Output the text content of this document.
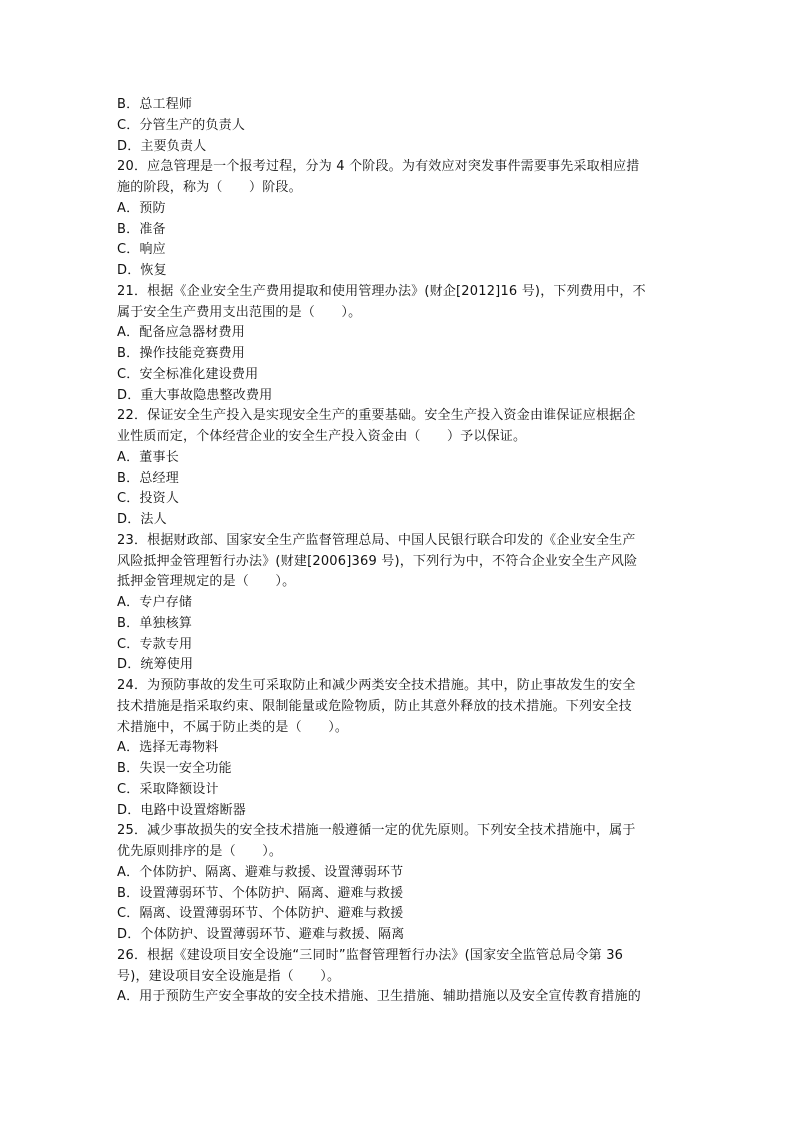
B．总工程师
C．分管生产的负责人
D．主要负责人
20．应急管理是一个报考过程，分为 4 个阶段。为有效应对突发事件需要事先采取相应措
施的阶段，称为（　　）阶段。
A．预防
B．准备
C．响应
D．恢复
21．根据《企业安全生产费用提取和使用管理办法》(财企[2012]16 号)，下列费用中，不
属于安全生产费用支出范围的是（　　）。
A．配备应急器材费用
B．操作技能竞赛费用
C．安全标准化建设费用
D．重大事故隐患整改费用
22．保证安全生产投入是实现安全生产的重要基础。安全生产投入资金由谁保证应根据企
业性质而定，个体经营企业的安全生产投入资金由（　　）予以保证。
A．董事长
B．总经理
C．投资人
D．法人
23．根据财政部、国家安全生产监督管理总局、中国人民银行联合印发的《企业安全生产
风险抵押金管理暂行办法》(财建[2006]369 号)，下列行为中，不符合企业安全生产风险
抵押金管理规定的是（　　）。
A．专户存储
B．单独核算
C．专款专用
D．统筹使用
24．为预防事故的发生可采取防止和减少两类安全技术措施。其中，防止事故发生的安全
技术措施是指采取约束、限制能量或危险物质，防止其意外释放的技术措施。下列安全技
术措施中，不属于防止类的是（　　）。
A．选择无毒物料
B．失误一安全功能
C．采取降额设计
D．电路中设置熔断器
25．减少事故损失的安全技术措施一般遵循一定的优先原则。下列安全技术措施中，属于
优先原则排序的是（　　）。
A．个体防护、隔离、避难与救援、设置薄弱环节
B．设置薄弱环节、个体防护、隔离、避难与救援
C．隔离、设置薄弱环节、个体防护、避难与救援
D．个体防护、设置薄弱环节、避难与救援、隔离
26．根据《建设项目安全设施“三同时”监督管理暂行办法》(国家安全监管总局令第 36
号)，建设项目安全设施是指（　　）。
A．用于预防生产安全事故的安全技术措施、卫生措施、辅助措施以及安全宣传教育措施的
